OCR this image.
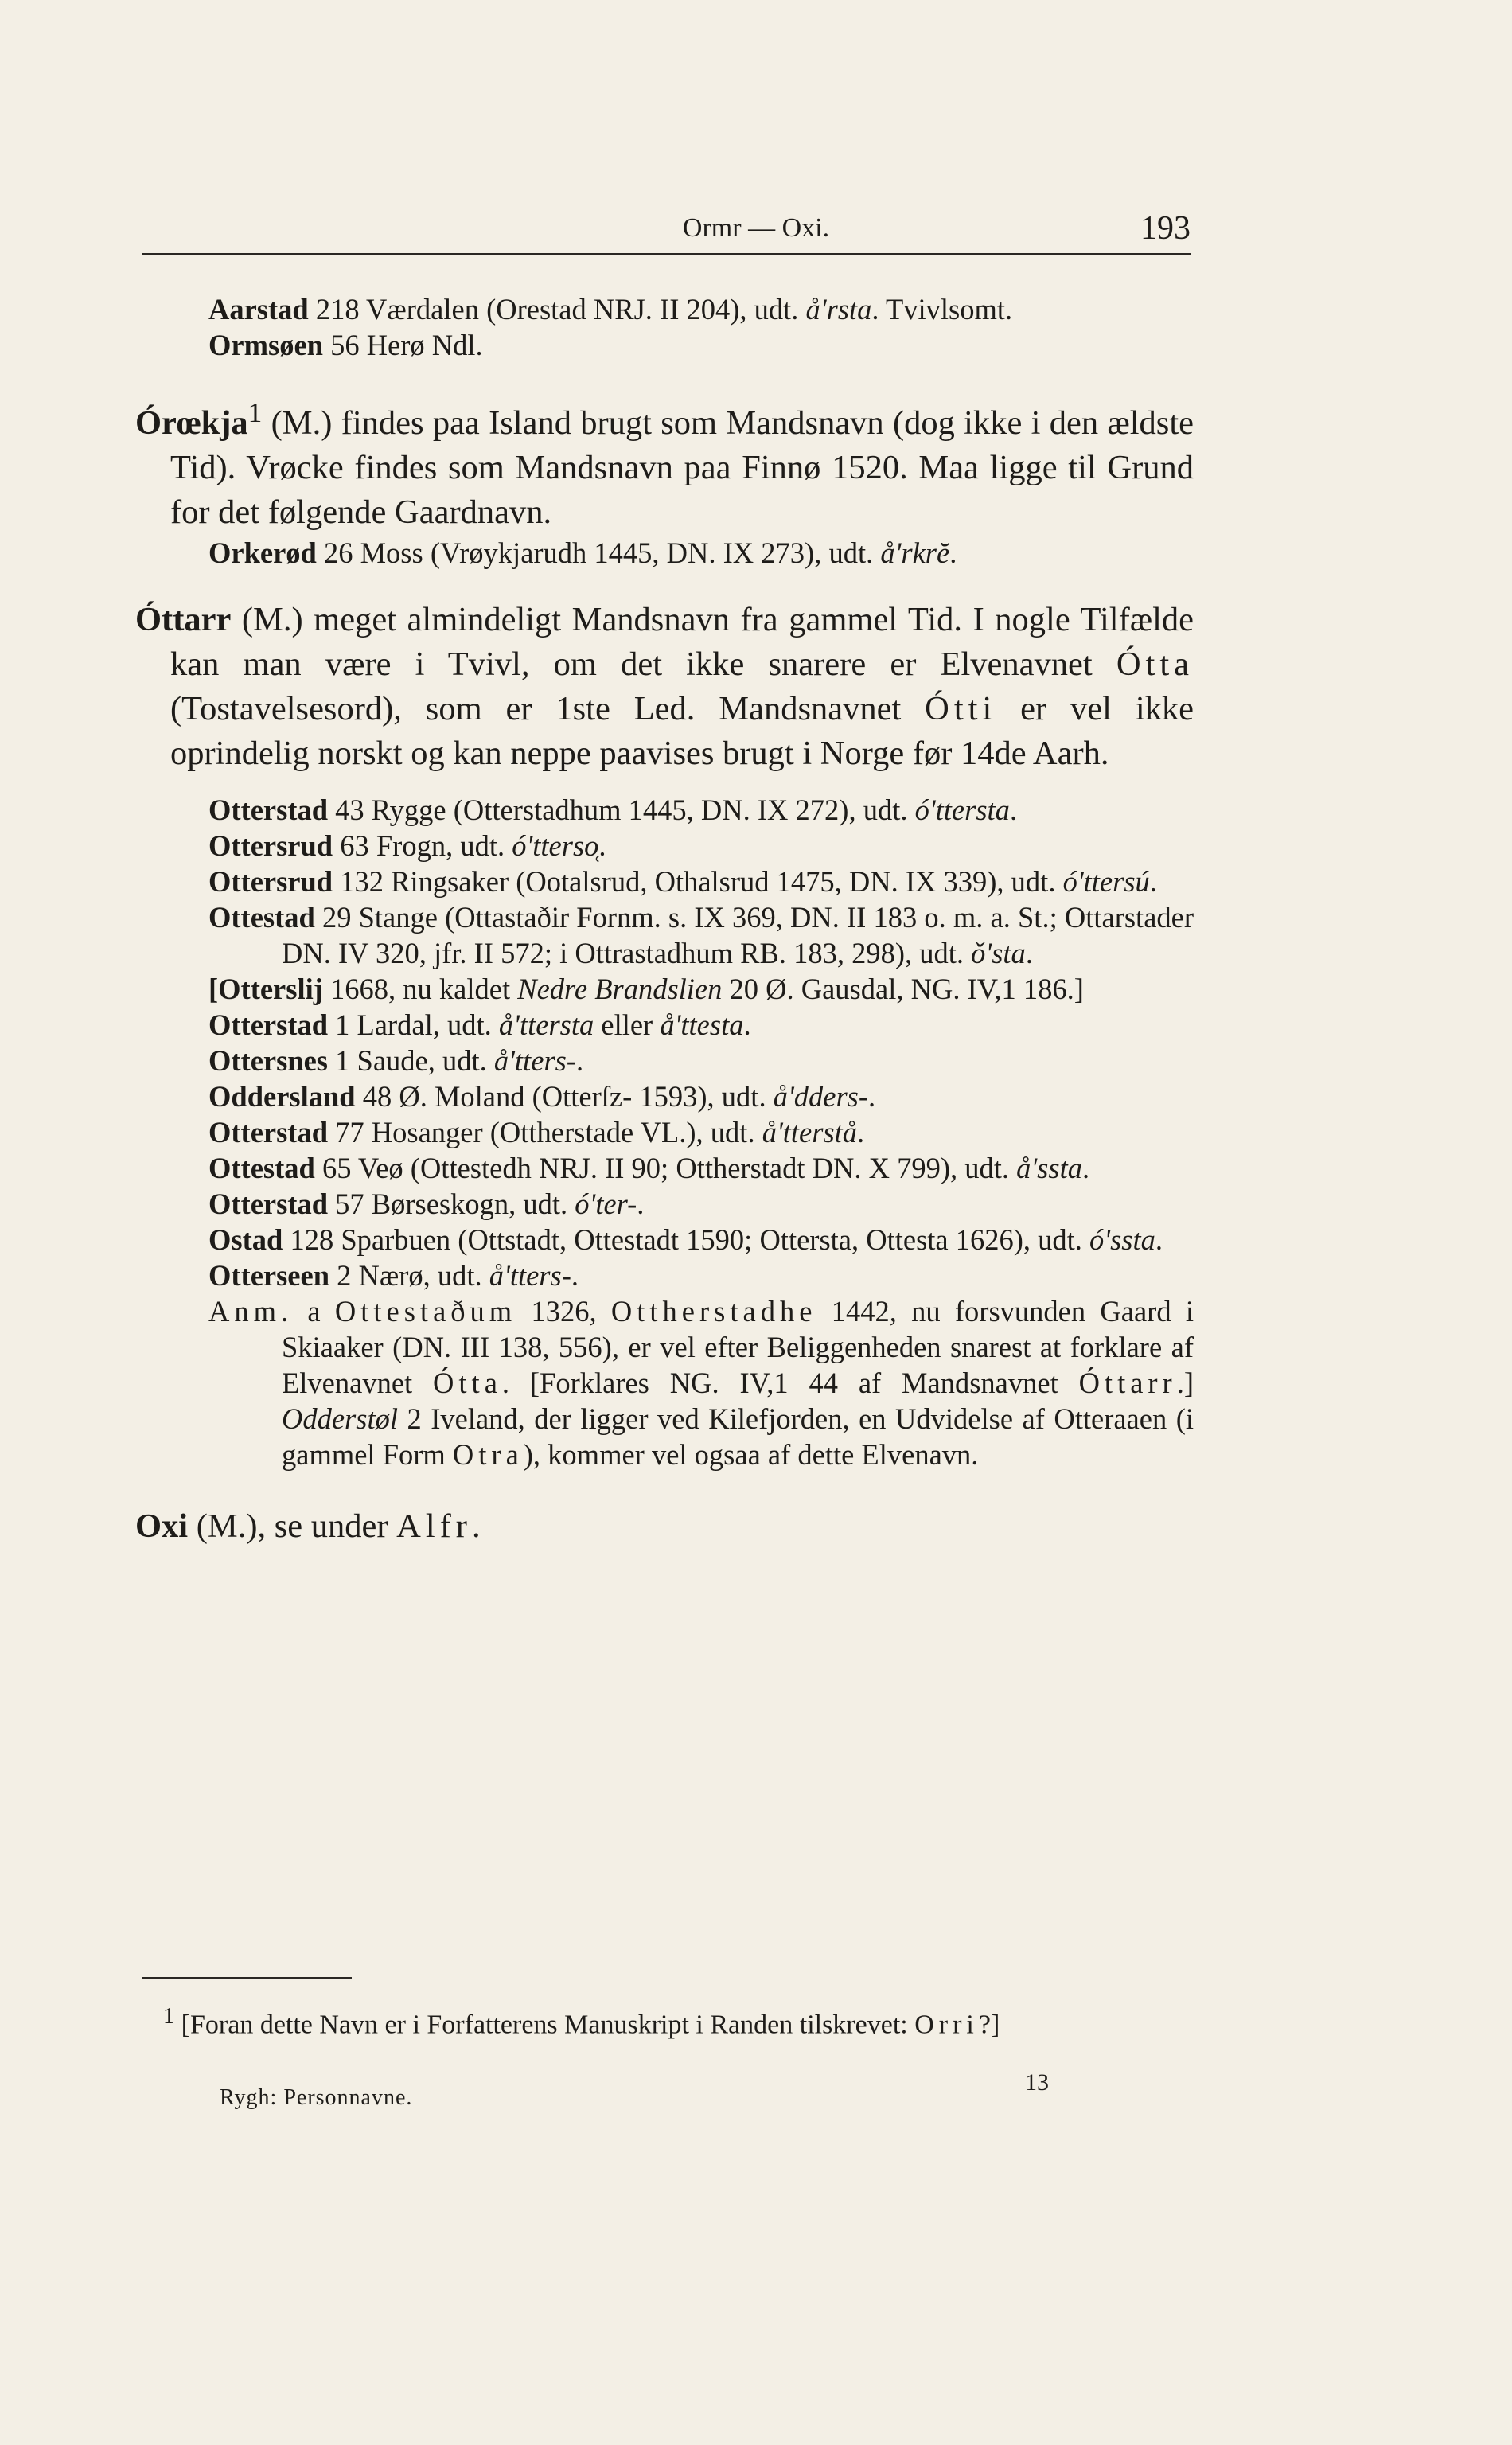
Ormr — Oxi.	193

Aarstad 218 Værdalen (Orestad NRJ. II 204), udt. å'rsta. Tvivlsomt.

Ormsøen 56 Herø Ndl.

Órœkja$^1$ (M.) findes paa Island brugt som Mandsnavn (dog ikke i den ældste Tid). Vrøcke findes som Mandsnavn paa Finnø 1520. Maa ligge til Grund for det følgende Gaardnavn.

Orkerød 26 Moss (Vrøykjarudh 1445, DN. IX 273), udt. å'rkrĕ.

Óttarr (M.) meget almindeligt Mandsnavn fra gammel Tid. I nogle Tilfælde kan man være i Tvivl, om det ikke snarere er Elvenavnet Ótta (Tostavelsesord), som er 1ste Led. Mandsnavnet Ótti er vel ikke oprindelig norskt og kan neppe paavises brugt i Norge før 14de Aarh.

Otterstad 43 Rygge (Otterstadhum 1445, DN. IX 272), udt. ó'ttersta.

Ottersrud 63 Frogn, udt. ó'tterso̜.

Ottersrud 132 Ringsaker (Ootalsrud, Othalsrud 1475, DN. IX 339), udt. ó'ttersú.

Ottestad 29 Stange (Ottastaðir Fornm. s. IX 369, DN. II 183 o. m. a. St.; Ottarstader DN. IV 320, jfr. II 572; i Ottrastadhum RB. 183, 298), udt. ǒ'sta.

[Otterslij 1668, nu kaldet Nedre Brandslien 20 Ø. Gausdal, NG. IV,1 186.]

Otterstad 1 Lardal, udt. å'ttersta eller å'ttesta.

Ottersnes 1 Saude, udt. å'tters-.

Oddersland 48 Ø. Moland (Otterſz- 1593), udt. å'dders-.

Otterstad 77 Hosanger (Ottherstade VL.), udt. å'tterstå.

Ottestad 65 Veø (Ottestedh NRJ. II 90; Ottherstadt DN. X 799), udt. å'ssta.

Otterstad 57 Børseskogn, udt. ó'ter-.

Ostad 128 Sparbuen (Ottstadt, Ottestadt 1590; Ottersta, Ottesta 1626), udt. ó'ssta.

Otterseen 2 Nærø, udt. å'tters-.

Anm. a Ottestaðum 1326, Ottherstadhe 1442, nu forsvunden Gaard i Skiaaker (DN. III 138, 556), er vel efter Beliggenheden snarest at forklare af Elvenavnet Ótta. [Forklares NG. IV,1 44 af Mandsnavnet Óttarr.] Odderstøl 2 Iveland, der ligger ved Kilefjorden, en Udvidelse af Otteraaen (i gammel Form Otra), kommer vel ogsaa af dette Elvenavn.

Oxi (M.), se under Alfr.

$^1$ [Foran dette Navn er i Forfatterens Manuskript i Randen tilskrevet: Orri?]
Rygh: Personnavne.
13
